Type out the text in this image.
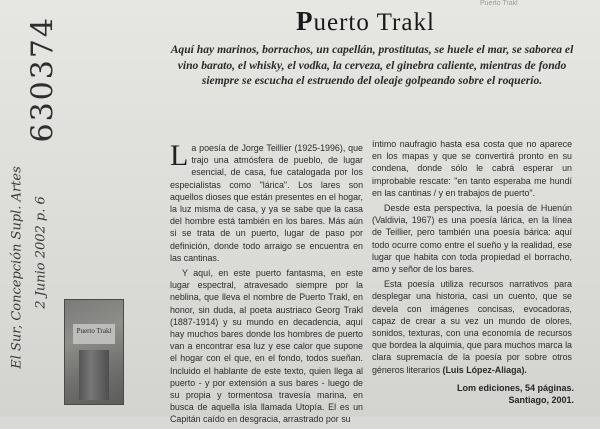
Puerto Trakl
630374
El Sur, Concepción Supl. Artes 2 Junio 2002 p. 6
Puerto Trakl
Aquí hay marinos, borrachos, un capellán, prostitutas, se huele el mar, se saborea el vino barato, el whisky, el vodka, la cerveza, el ginebra caliente, mientras de fondo siempre se escucha el estruendo del oleaje golpeando sobre el roquerío.

La poesía de Jorge Teillier (1925-1996), que trajo una atmósfera de pueblo, de lugar esencial, de casa, fue catalogada por los especialistas como "lárica". Los lares son aquellos dioses que están presentes en el hogar, la luz misma de casa, y ya se sabe que la casa del hombre está también en los bares. Más aún si se trata de un puerto, lugar de paso por definición, donde todo arraigo se encuentra en las cantinas.

Y aquí, en este puerto fantasma, en este lugar espectral, atravesado siempre por la neblina, que lleva el nombre de Puerto Trakl, en honor, sin duda, al poeta austriaco Georg Trakl (1887-1914) y su mundo en decadencia, aquí hay muchos bares donde los hombres de puerto van a encontrar esa luz y ese calor que supone el hogar con el que, en el fondo, todos sueñan. Incluido el hablante de este texto, quien llega al puerto - y por extensión a sus bares - luego de su propia y tormentosa travesía marina, en busca de aquella isla llamada Utopía. El es un Capitán caído en desgracia, arrastrado por su

íntimo naufragio hasta esa costa que no aparece en los mapas y que se convertirá pronto en su condena, donde sólo le cabrá esperar un improbable rescate: "en tanto esperaba me hundí en las cantinas / y en trabajos de puerto".

Desde esta perspectiva, la poesía de Huenún (Valdivia, 1967) es una poesía lárica, en la línea de Teillier, pero también una poesía bárica: aquí todo ocurre como entre el sueño y la realidad, ese lugar que habita con toda propiedad el borracho, amo y señor de los bares.

Esta poesía utiliza recursos narrativos para desplegar una historia, casi un cuento, que se devela con imágenes concisas, evocadoras, capaz de crear a su vez un mundo de olores, sonidos, texturas, con una economía de recursos que bordea la alquimia, que para muchos marca la clara supremacía de la poesía por sobre otros géneros literarios (Luis López-Aliaga).

Puerto Trakl
Lom ediciones, 54 páginas.
Santiago, 2001.
